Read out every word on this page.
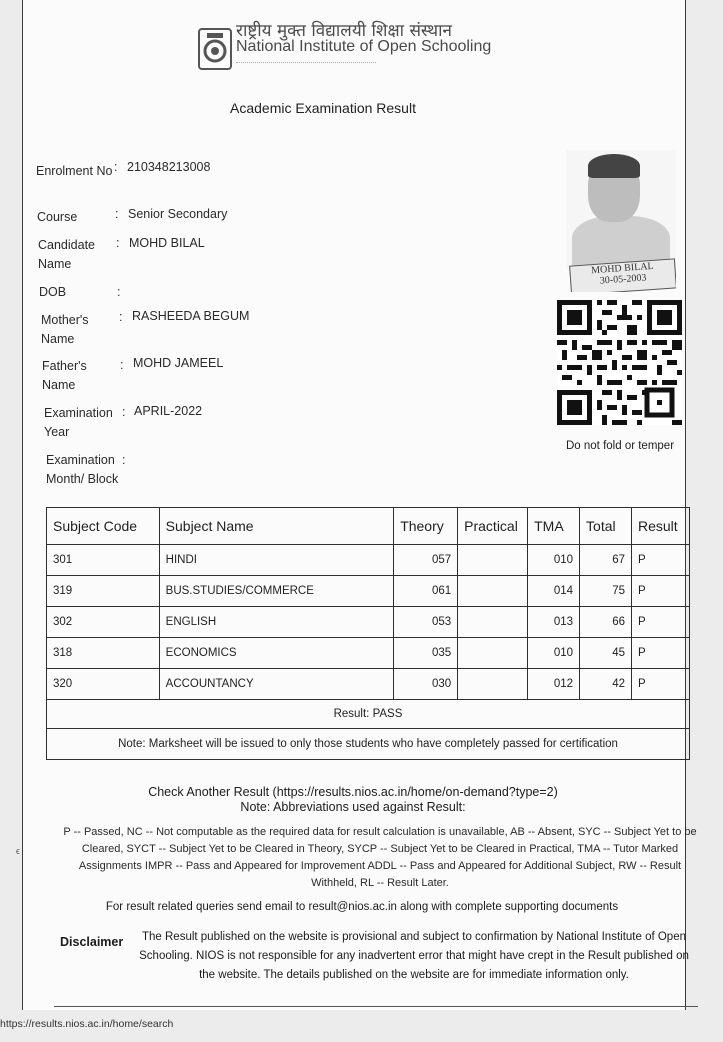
राष्ट्रीय मुक्त विद्यालयी शिक्षा संस्थान
National Institute of Open Schooling
Academic Examination Result
Enrolment No : 210348213008
Course	: Senior Secondary
Candidate Name
: MOHD BILAL
DOB	:
Mother's Name
: RASHEEDA BEGUM
Father's Name
: MOHD JAMEEL
Examination Year
: APRIL-2022
Examination Month/ Block
:
MOHD BILAL
30-05-2003
Do not fold or temper
Subject Code	Subject Name	Theory	Practical	TMA	Total	Result
301	HINDI	057		010	67	P
319	BUS.STUDIES/COMMERCE	061		014	75	P
302	ENGLISH	053		013	66	P
318	ECONOMICS	035		010	45	P
320	ACCOUNTANCY	030		012	42	P
Result: PASS						
Note: Marksheet will be issued to only those students who have completely passed for certification						
Check Another Result (https://results.nios.ac.in/home/on-demand?type=2)
Note: Abbreviations used against Result:
P -- Passed, NC -- Not computable as the required data for result calculation is unavailable, AB -- Absent, SYC -- Subject Yet to be Cleared, SYCT -- Subject Yet to be Cleared in Theory, SYCP -- Subject Yet to be Cleared in Practical, TMA -- Tutor Marked Assignments IMPR -- Pass and Appeared for Improvement ADDL -- Pass and Appeared for Additional Subject, RW -- Result Withheld, RL -- Result Later.
For result related queries send email to result@nios.ac.in along with complete supporting documents
Disclaimer	The Result published on the website is provisional and subject to confirmation by National Institute of Open Schooling. NIOS is not responsible for any inadvertent error that might have crept in the Result published on the website. The details published on the website are for immediate information only.
ϵ
https://results.nios.ac.in/home/search
